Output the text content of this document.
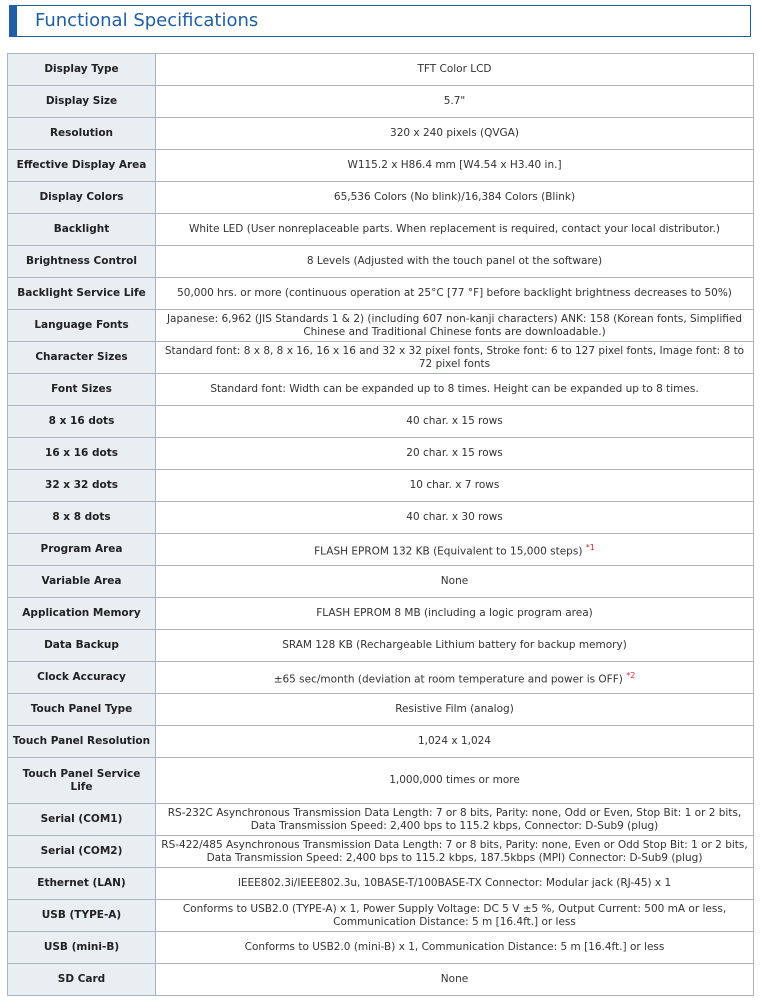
Functional Specifications
Display Type	TFT Color LCD
Display Size	5.7"
Resolution	320 x 240 pixels (QVGA)
Effective Display Area	W115.2 x H86.4 mm [W4.54 x H3.40 in.]
Display Colors	65,536 Colors (No blink)/16,384 Colors (Blink)
Backlight	White LED (User nonreplaceable parts. When replacement is required, contact your local distributor.)
Brightness Control	8 Levels (Adjusted with the touch panel ot the software)
Backlight Service Life	50,000 hrs. or more (continuous operation at 25°C [77 °F] before backlight brightness decreases to 50%)
Language Fonts	Japanese: 6,962 (JIS Standards 1 & 2) (including 607 non-kanji characters) ANK: 158 (Korean fonts, Simplified Chinese and Traditional Chinese fonts are downloadable.)
Character Sizes	Standard font: 8 x 8, 8 x 16, 16 x 16 and 32 x 32 pixel fonts, Stroke font: 6 to 127 pixel fonts, Image font: 8 to 72 pixel fonts
Font Sizes	Standard font: Width can be expanded up to 8 times. Height can be expanded up to 8 times.
8 x 16 dots	40 char. x 15 rows
16 x 16 dots	20 char. x 15 rows
32 x 32 dots	10 char. x 7 rows
8 x 8 dots	40 char. x 30 rows
Program Area	FLASH EPROM 132 KB (Equivalent to 15,000 steps) $^{*1}$
Variable Area	None
Application Memory	FLASH EPROM 8 MB (including a logic program area)
Data Backup	SRAM 128 KB (Rechargeable Lithium battery for backup memory)
Clock Accuracy	±65 sec/month (deviation at room temperature and power is OFF) $^{*2}$
Touch Panel Type	Resistive Film (analog)
Touch Panel Resolution	1,024 x 1,024
Touch Panel Service Life	1,000,000 times or more
Serial (COM1)	RS-232C Asynchronous Transmission Data Length: 7 or 8 bits, Parity: none, Odd or Even, Stop Bit: 1 or 2 bits, Data Transmission Speed: 2,400 bps to 115.2 kbps, Connector: D-Sub9 (plug)
Serial (COM2)	RS-422/485 Asynchronous Transmission Data Length: 7 or 8 bits, Parity: none, Even or Odd Stop Bit: 1 or 2 bits, Data Transmission Speed: 2,400 bps to 115.2 kbps, 187.5kbps (MPI) Connector: D-Sub9 (plug)
Ethernet (LAN)	IEEE802.3i/IEEE802.3u, 10BASE-T/100BASE-TX Connector: Modular jack (RJ-45) x 1
USB (TYPE-A)	Conforms to USB2.0 (TYPE-A) x 1, Power Supply Voltage: DC 5 V ±5 %, Output Current: 500 mA or less, Communication Distance: 5 m [16.4ft.] or less
USB (mini-B)	Conforms to USB2.0 (mini-B) x 1, Communication Distance: 5 m [16.4ft.] or less
SD Card	None
